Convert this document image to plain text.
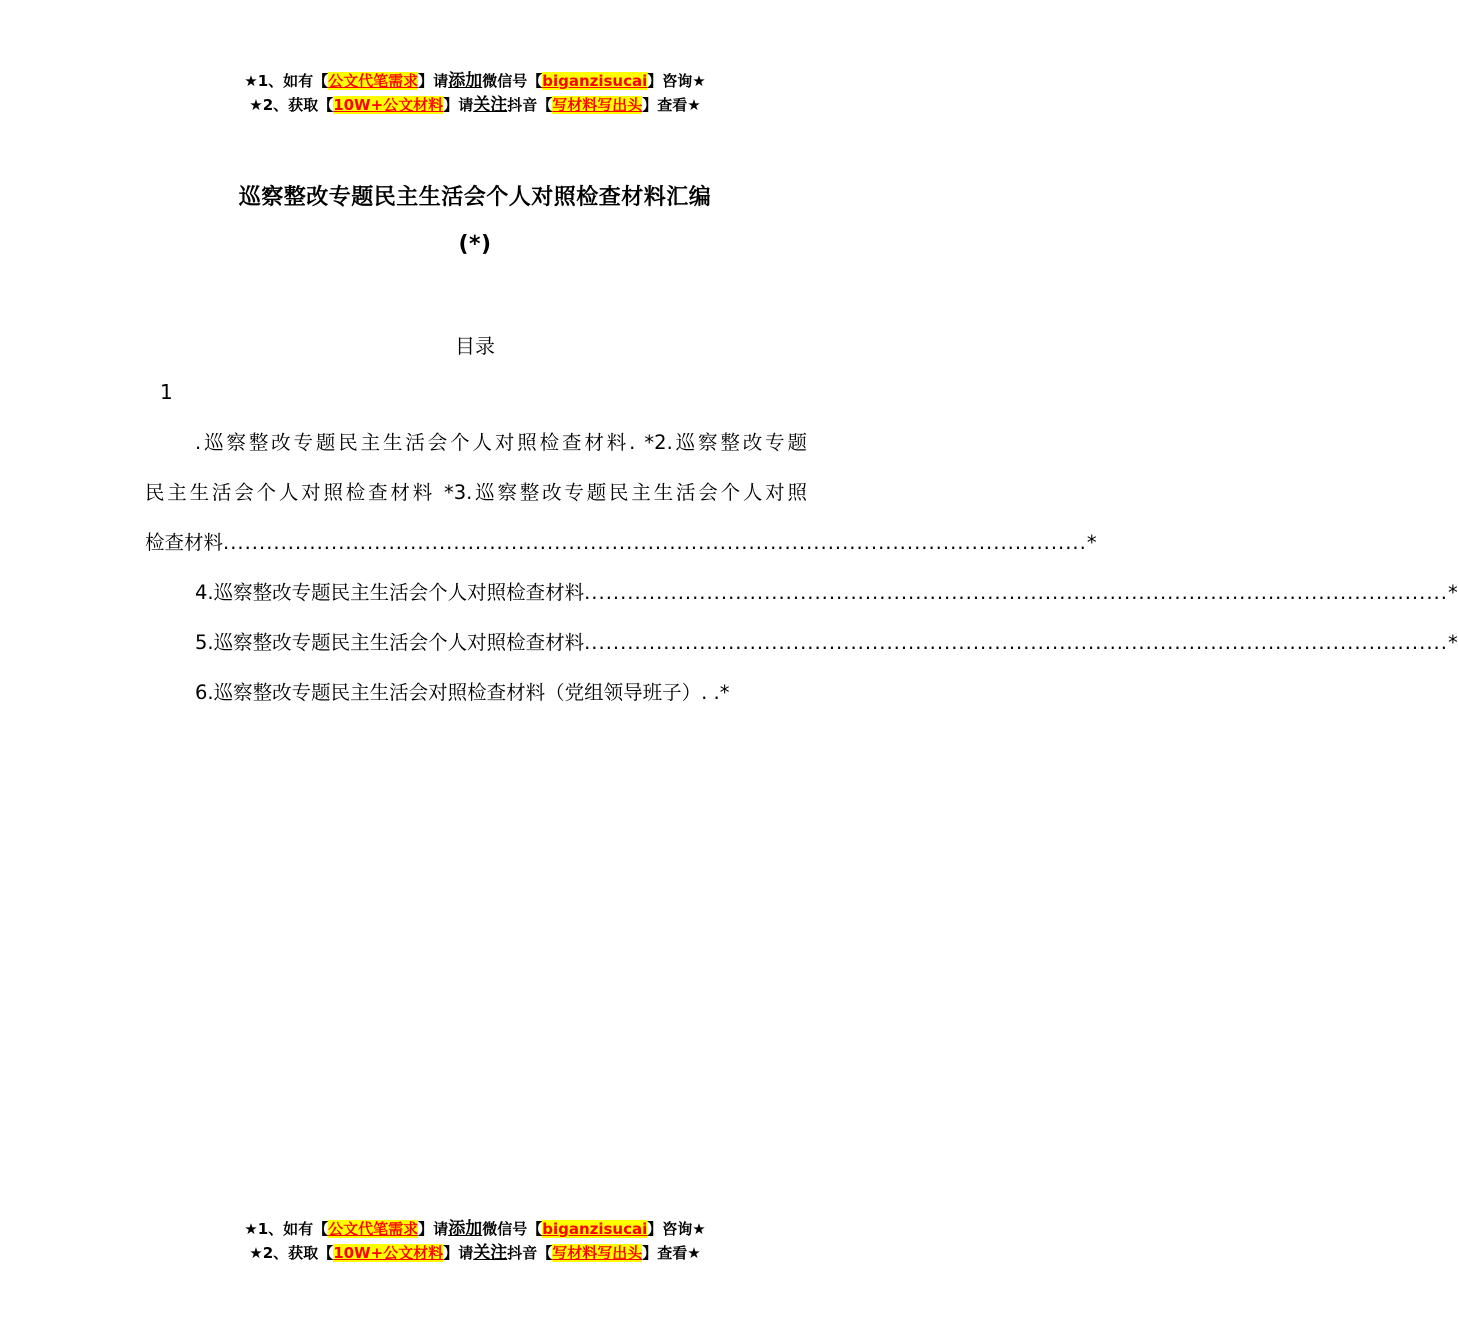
★1、如有【公文代笔需求】请添加微信号【biganzisucai】咨询★
★2、获取【10W+公文材料】请关注抖音【写材料写出头】查看★
巡察整改专题民主生活会个人对照检查材料汇编
(*)
目录
1
.巡察整改专题民主生活会个人对照检查材料. *2.巡察整改专题
民主生活会个人对照检查材料 *3.巡察整改专题民主生活会个人对照
检查材料 ........................................................................................................................ *
4.巡察整改专题民主生活会个人对照检查材料 ........................................................................................................................ *
5.巡察整改专题民主生活会个人对照检查材料 ........................................................................................................................ *
6.巡察整改专题民主生活会对照检查材料（党组领导班子）. . *
★1、如有【公文代笔需求】请添加微信号【biganzisucai】咨询★
★2、获取【10W+公文材料】请关注抖音【写材料写出头】查看★
